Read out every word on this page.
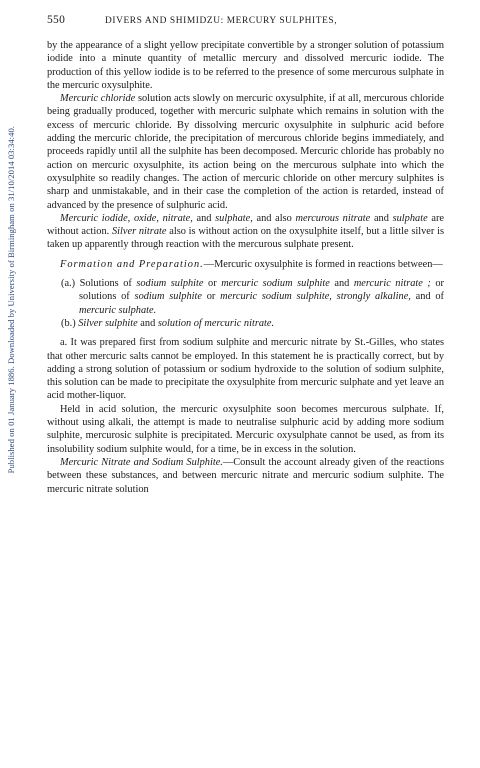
Published on 01 January 1886. Downloaded by University of Birmingham on 31/10/2014 03:34:40.
550	DIVERS AND SHIMIDZU: MERCURY SULPHITES,

by the appearance of a slight yellow precipitate convertible by a stronger solution of potassium iodide into a minute quantity of metallic mercury and dissolved mercuric iodide. The production of this yellow iodide is to be referred to the presence of some mercurous sulphate in the mercuric oxysulphite.

Mercuric chloride solution acts slowly on mercuric oxysulphite, if at all, mercurous chloride being gradually produced, together with mercuric sulphate which remains in solution with the excess of mercuric chloride. By dissolving mercuric oxysulphite in sulphuric acid before adding the mercuric chloride, the precipitation of mercurous chloride begins immediately, and proceeds rapidly until all the sulphite has been decomposed. Mercuric chloride has probably no action on mercuric oxysulphite, its action being on the mercurous sulphate into which the oxysulphite so readily changes. The action of mercuric chloride on other mercury sulphites is sharp and unmistakable, and in their case the completion of the action is retarded, instead of advanced by the presence of sulphuric acid.

Mercuric iodide, oxide, nitrate, and sulphate, and also mercurous nitrate and sulphate are without action. Silver nitrate also is without action on the oxysulphite itself, but a little silver is taken up apparently through reaction with the mercurous sulphate present.

Formation and Preparation.—Mercuric oxysulphite is formed in reactions between—

(a.) Solutions of sodium sulphite or mercuric sodium sulphite and mercuric nitrate ; or solutions of sodium sulphite or mercuric sodium sulphite, strongly alkaline, and of mercuric sulphate.

(b.) Silver sulphite and solution of mercuric nitrate.

a. It was prepared first from sodium sulphite and mercuric nitrate by St.-Gilles, who states that other mercuric salts cannot be employed. In this statement he is practically correct, but by adding a strong solution of potassium or sodium hydroxide to the solution of sodium sulphite, this solution can be made to precipitate the oxysulphite from mercuric sulphate and yet leave an acid mother-liquor.

Held in acid solution, the mercuric oxysulphite soon becomes mercurous sulphate. If, without using alkali, the attempt is made to neutralise sulphuric acid by adding more sodium sulphite, mercurosic sulphite is precipitated. Mercuric oxysulphate cannot be used, as from its insolubility sodium sulphite would, for a time, be in excess in the solution.

Mercuric Nitrate and Sodium Sulphite.—Consult the account already given of the reactions between these substances, and between mercuric nitrate and mercuric sodium sulphite. The mercuric nitrate solution
